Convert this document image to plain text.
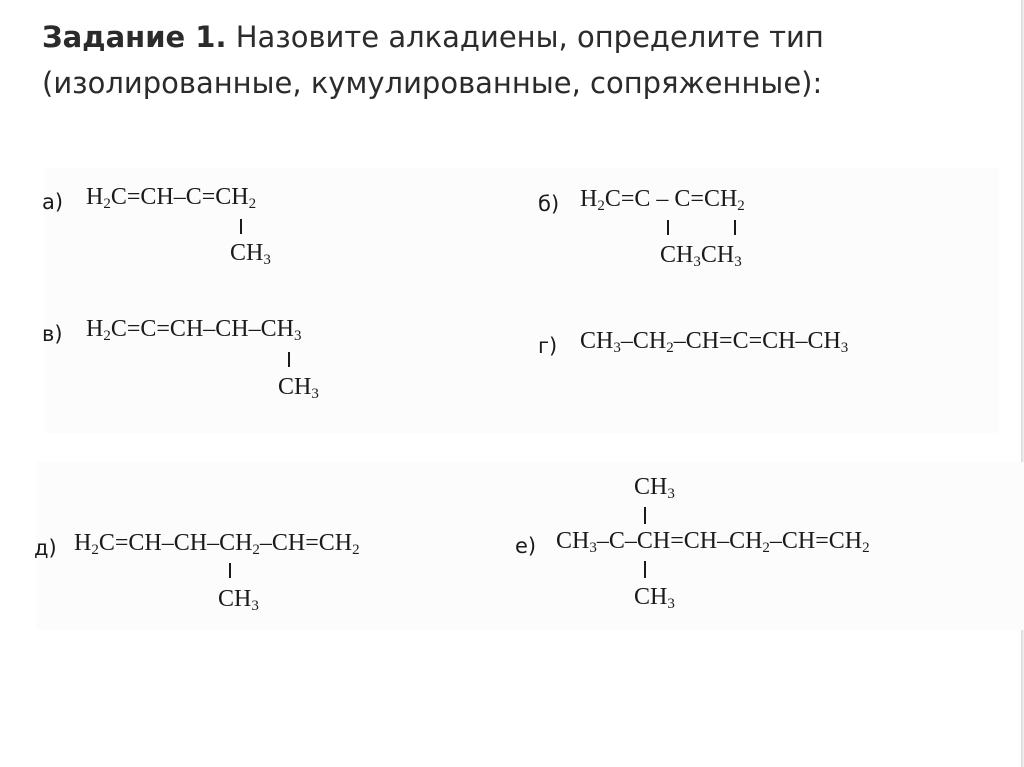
Задание 1. Назовите алкадиены, определите тип (изолированные, кумулированные, сопряженные):
а) $H_2C=CH-C=CH_2$
$CH_3$
б) $H_2C=C - C=CH_2$
$CH_3CH_3$
в) $H_2C=C=CH-CH-CH_3$
$CH_3$
г) $CH_3-CH_2-CH=C=CH-CH_3$
д) $H_2C=CH-CH-CH_2-CH=CH_2$
$CH_3$
$CH_3$
е) $CH_3-C-CH=CH-CH_2-CH=CH_2$
$CH_3$
